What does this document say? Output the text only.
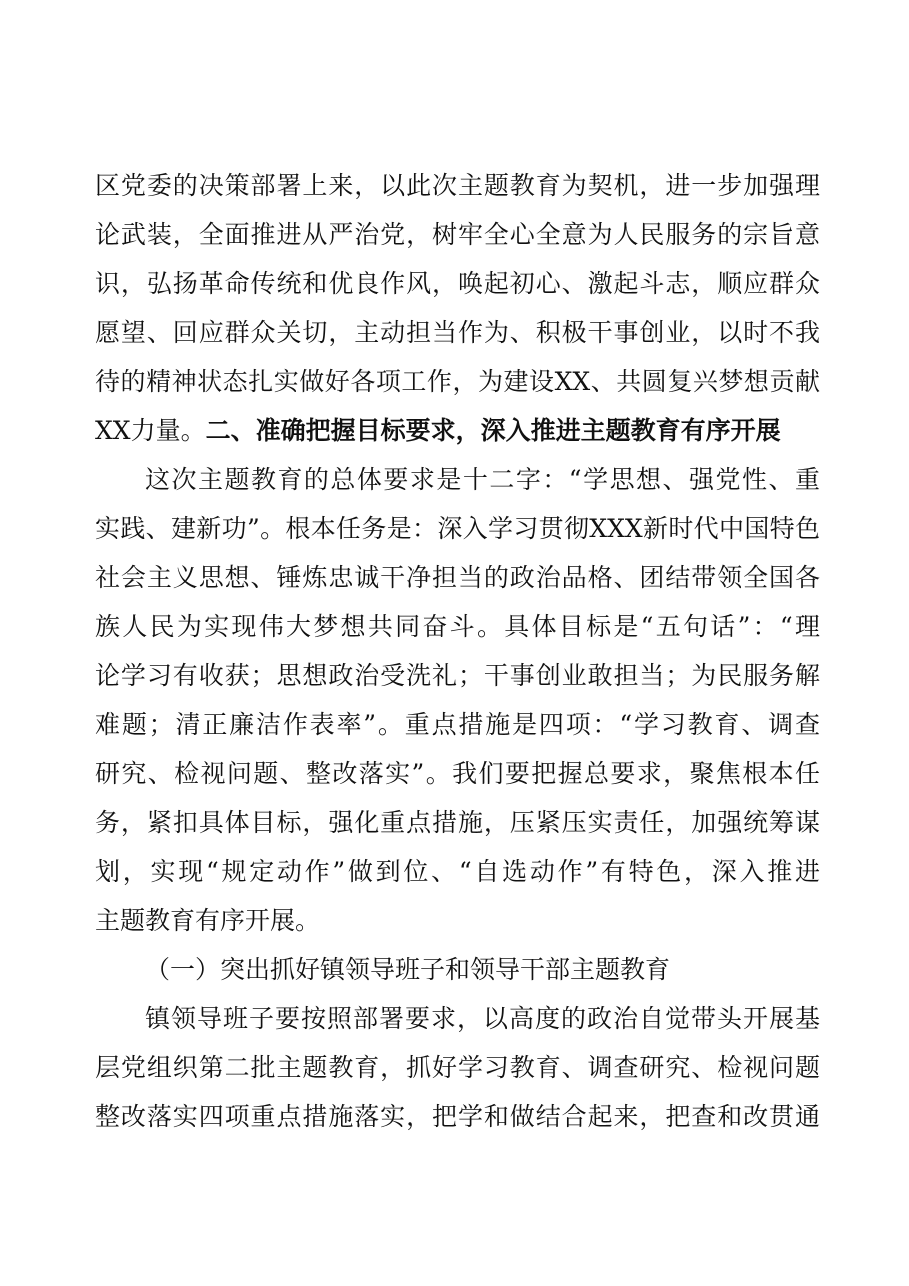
区党委的决策部署上来，以此次主题教育为契机，进一步加强理
论武装，全面推进从严治党，树牢全心全意为人民服务的宗旨意
识，弘扬革命传统和优良作风，唤起初心、激起斗志，顺应群众
愿望、回应群众关切，主动担当作为、积极干事创业，以时不我
待的精神状态扎实做好各项工作，为建设XX、共圆复兴梦想贡献
XX力量。二、准确把握目标要求，深入推进主题教育有序开展
这次主题教育的总体要求是十二字：“学思想、强党性、重
实践、建新功”。根本任务是：深入学习贯彻XXX新时代中国特色
社会主义思想、锤炼忠诚干净担当的政治品格、团结带领全国各
族人民为实现伟大梦想共同奋斗。具体目标是“五句话”：“理
论学习有收获；思想政治受洗礼；干事创业敢担当；为民服务解
难题；清正廉洁作表率”。重点措施是四项：“学习教育、调查
研究、检视问题、整改落实”。我们要把握总要求，聚焦根本任
务，紧扣具体目标，强化重点措施，压紧压实责任，加强统筹谋
划，实现“规定动作”做到位、“自选动作”有特色，深入推进
主题教育有序开展。
（一）突出抓好镇领导班子和领导干部主题教育
镇领导班子要按照部署要求，以高度的政治自觉带头开展基
层党组织第二批主题教育，抓好学习教育、调查研究、检视问题
整改落实四项重点措施落实，把学和做结合起来，把查和改贯通
